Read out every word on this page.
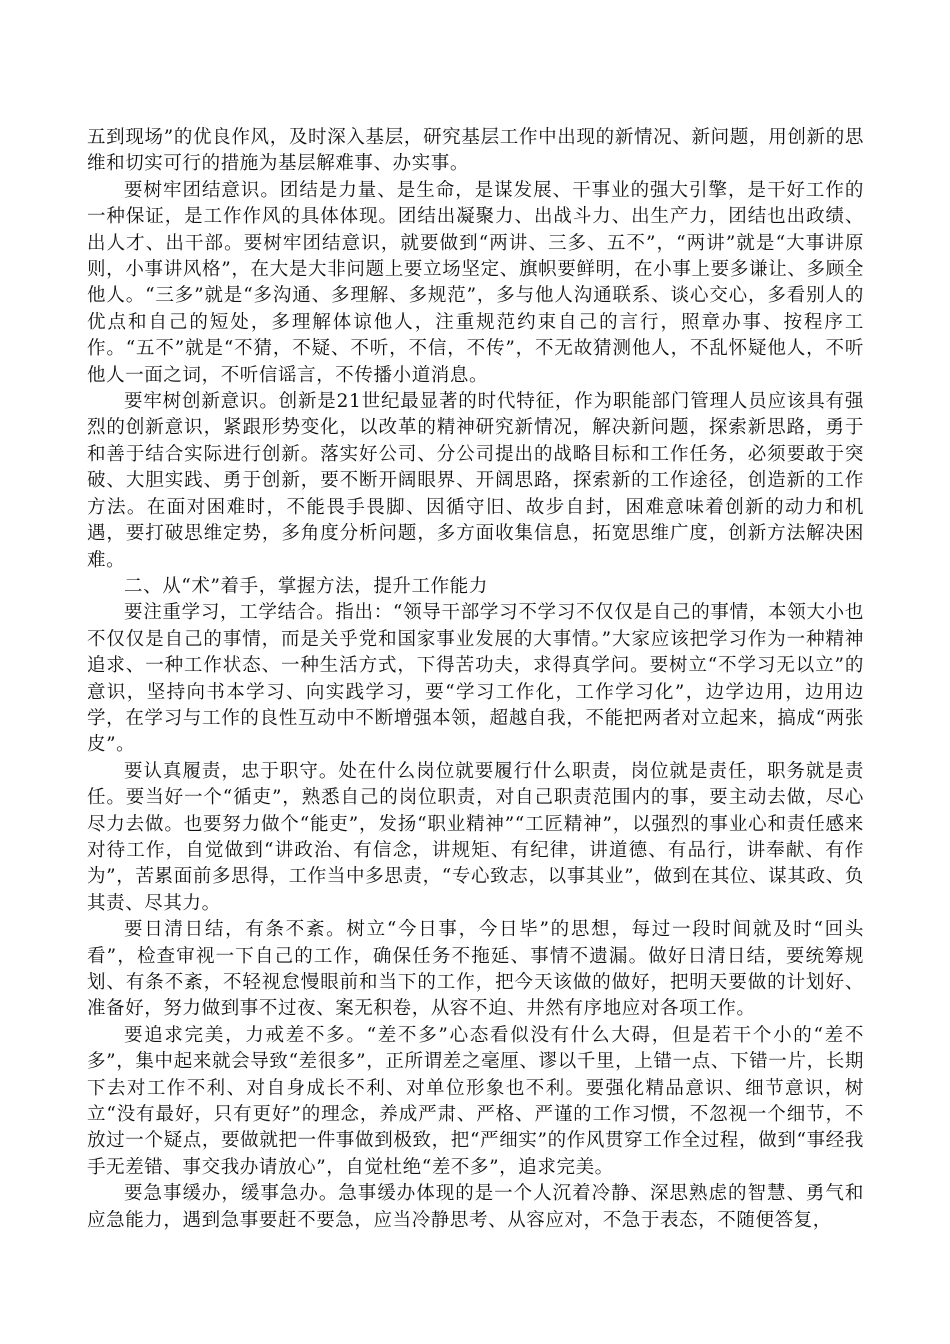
五到现场”的优良作风，及时深入基层，研究基层工作中出现的新情况、新问题，用创新的思维和切实可行的措施为基层解难事、办实事。

要树牢团结意识。团结是力量、是生命，是谋发展、干事业的强大引擎，是干好工作的一种保证，是工作作风的具体体现。团结出凝聚力、出战斗力、出生产力，团结也出政绩、出人才、出干部。要树牢团结意识，就要做到“两讲、三多、五不”，“两讲”就是“大事讲原则，小事讲风格”，在大是大非问题上要立场坚定、旗帜要鲜明，在小事上要多谦让、多顾全他人。“三多”就是“多沟通、多理解、多规范”，多与他人沟通联系、谈心交心，多看别人的优点和自己的短处，多理解体谅他人，注重规范约束自己的言行，照章办事、按程序工作。“五不”就是“不猜，不疑、不听，不信，不传”，不无故猜测他人，不乱怀疑他人，不听他人一面之词，不听信谣言，不传播小道消息。

要牢树创新意识。创新是21世纪最显著的时代特征，作为职能部门管理人员应该具有强烈的创新意识，紧跟形势变化，以改革的精神研究新情况，解决新问题，探索新思路，勇于和善于结合实际进行创新。落实好公司、分公司提出的战略目标和工作任务，必须要敢于突破、大胆实践、勇于创新，要不断开阔眼界、开阔思路，探索新的工作途径，创造新的工作方法。在面对困难时，不能畏手畏脚、因循守旧、故步自封，困难意味着创新的动力和机遇，要打破思维定势，多角度分析问题，多方面收集信息，拓宽思维广度，创新方法解决困难。

二、从“术”着手，掌握方法，提升工作能力

要注重学习，工学结合。指出：“领导干部学习不学习不仅仅是自己的事情，本领大小也不仅仅是自己的事情，而是关乎党和国家事业发展的大事情。”大家应该把学习作为一种精神追求、一种工作状态、一种生活方式，下得苦功夫，求得真学问。要树立“不学习无以立”的意识，坚持向书本学习、向实践学习，要“学习工作化，工作学习化”，边学边用，边用边学，在学习与工作的良性互动中不断增强本领，超越自我，不能把两者对立起来，搞成“两张皮”。

要认真履责，忠于职守。处在什么岗位就要履行什么职责，岗位就是责任，职务就是责任。要当好一个“循吏”，熟悉自己的岗位职责，对自己职责范围内的事，要主动去做，尽心尽力去做。也要努力做个“能吏”，发扬“职业精神”“工匠精神”，以强烈的事业心和责任感来对待工作，自觉做到“讲政治、有信念，讲规矩、有纪律，讲道德、有品行，讲奉献、有作为”，苦累面前多思得，工作当中多思责，“专心致志，以事其业”，做到在其位、谋其政、负其责、尽其力。

要日清日结，有条不紊。树立“今日事，今日毕”的思想，每过一段时间就及时“回头看”，检查审视一下自己的工作，确保任务不拖延、事情不遗漏。做好日清日结，要统筹规划、有条不紊，不轻视怠慢眼前和当下的工作，把今天该做的做好，把明天要做的计划好、准备好，努力做到事不过夜、案无积卷，从容不迫、井然有序地应对各项工作。

要追求完美，力戒差不多。“差不多”心态看似没有什么大碍，但是若干个小的“差不多”，集中起来就会导致“差很多”，正所谓差之毫厘、谬以千里，上错一点、下错一片，长期下去对工作不利、对自身成长不利、对单位形象也不利。要强化精品意识、细节意识，树立“没有最好，只有更好”的理念，养成严肃、严格、严谨的工作习惯，不忽视一个细节，不放过一个疑点，要做就把一件事做到极致，把“严细实”的作风贯穿工作全过程，做到“事经我手无差错、事交我办请放心”，自觉杜绝“差不多”，追求完美。

要急事缓办，缓事急办。急事缓办体现的是一个人沉着冷静、深思熟虑的智慧、勇气和应急能力，遇到急事要赶不要急，应当冷静思考、从容应对，不急于表态，不随便答复，
